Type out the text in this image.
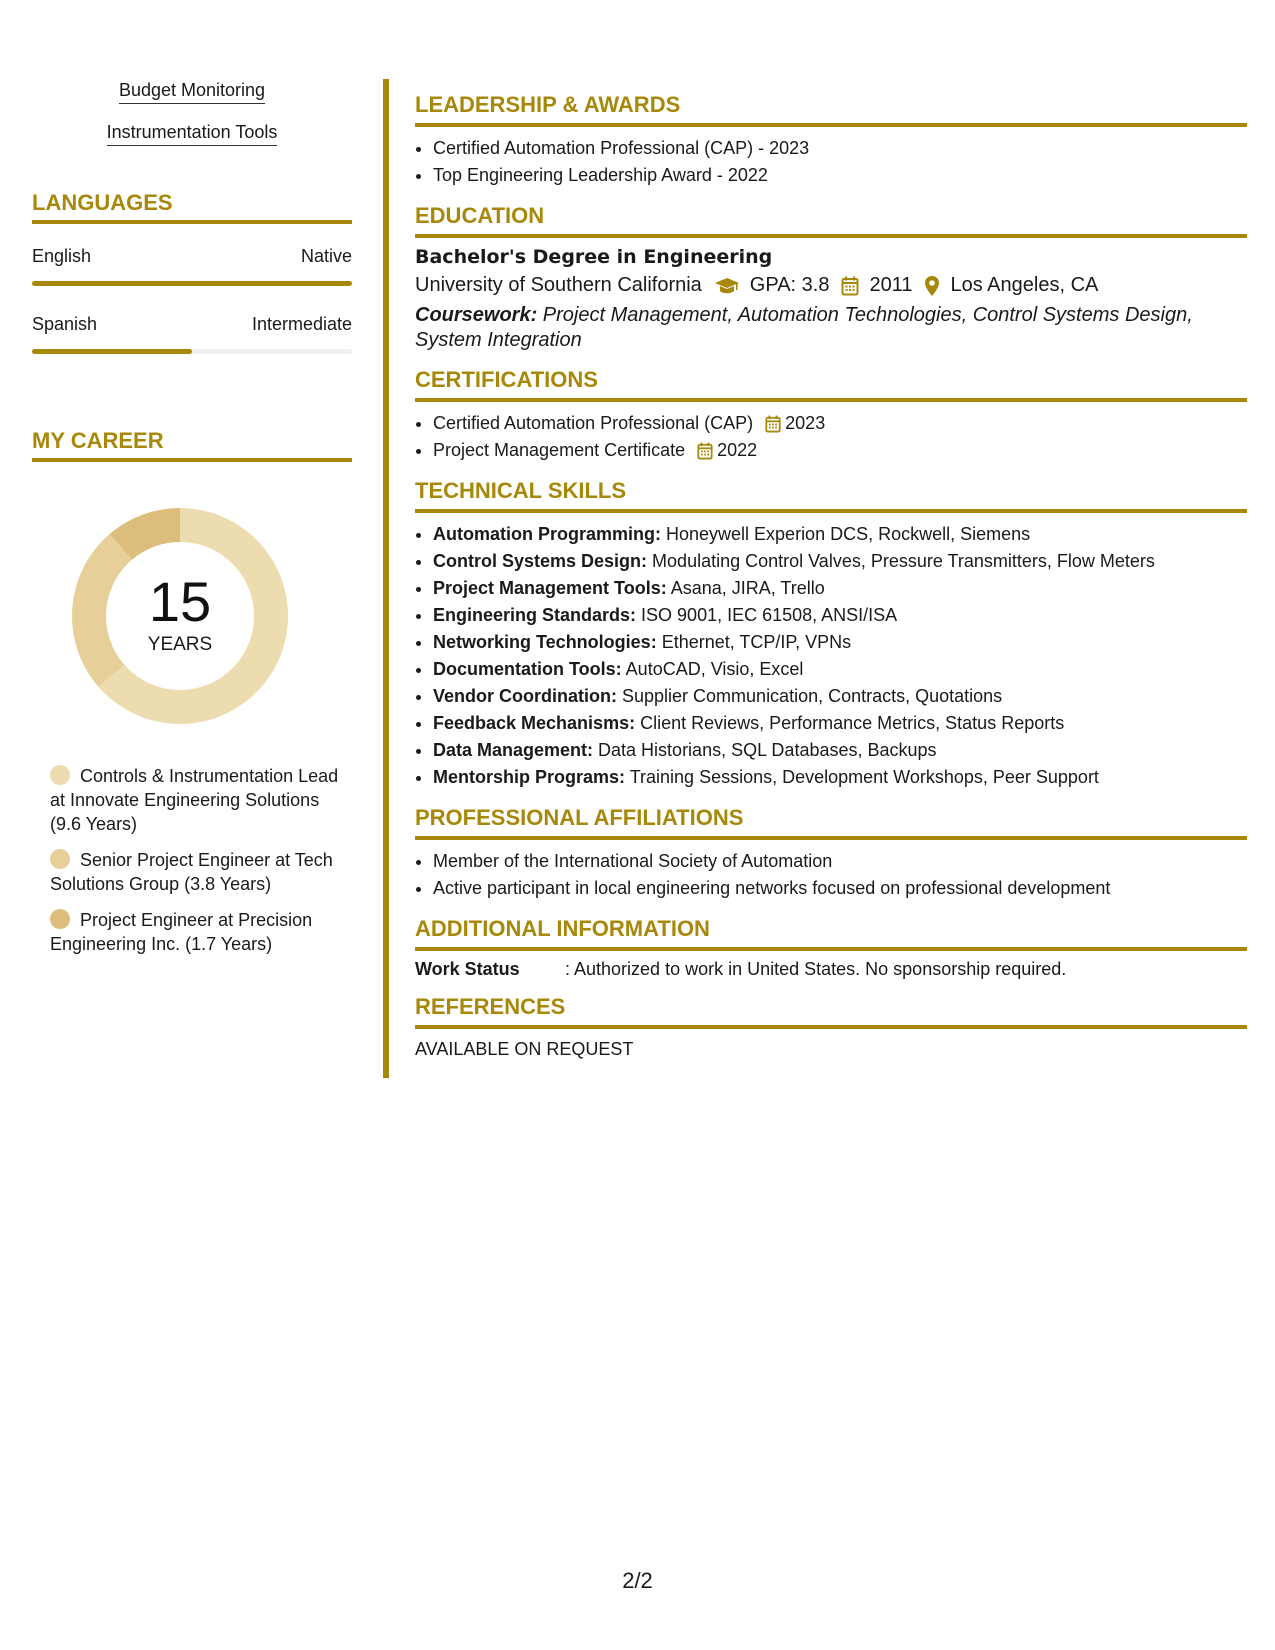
Budget Monitoring
Instrumentation Tools
LANGUAGES
English	Native
Spanish	Intermediate
MY CAREER
15
YEARS
Controls & Instrumentation Lead at Innovate Engineering Solutions (9.6 Years)
Senior Project Engineer at Tech Solutions Group (3.8 Years)
Project Engineer at Precision Engineering Inc. (1.7 Years)
LEADERSHIP & AWARDS
• Certified Automation Professional (CAP) - 2023
• Top Engineering Leadership Award - 2022
EDUCATION
Bachelor's Degree in Engineering
University of Southern California GPA: 3.8 2011 Los Angeles, CA
Coursework: Project Management, Automation Technologies, Control Systems Design, System Integration
CERTIFICATIONS
• Certified Automation Professional (CAP) 2023
• Project Management Certificate 2022
TECHNICAL SKILLS
• Automation Programming: Honeywell Experion DCS, Rockwell, Siemens
• Control Systems Design: Modulating Control Valves, Pressure Transmitters, Flow Meters
• Project Management Tools: Asana, JIRA, Trello
• Engineering Standards: ISO 9001, IEC 61508, ANSI/ISA
• Networking Technologies: Ethernet, TCP/IP, VPNs
• Documentation Tools: AutoCAD, Visio, Excel
• Vendor Coordination: Supplier Communication, Contracts, Quotations
• Feedback Mechanisms: Client Reviews, Performance Metrics, Status Reports
• Data Management: Data Historians, SQL Databases, Backups
• Mentorship Programs: Training Sessions, Development Workshops, Peer Support
PROFESSIONAL AFFILIATIONS
• Member of the International Society of Automation
• Active participant in local engineering networks focused on professional development
ADDITIONAL INFORMATION
Work Status	: Authorized to work in United States. No sponsorship required.
REFERENCES
AVAILABLE ON REQUEST
2/2
